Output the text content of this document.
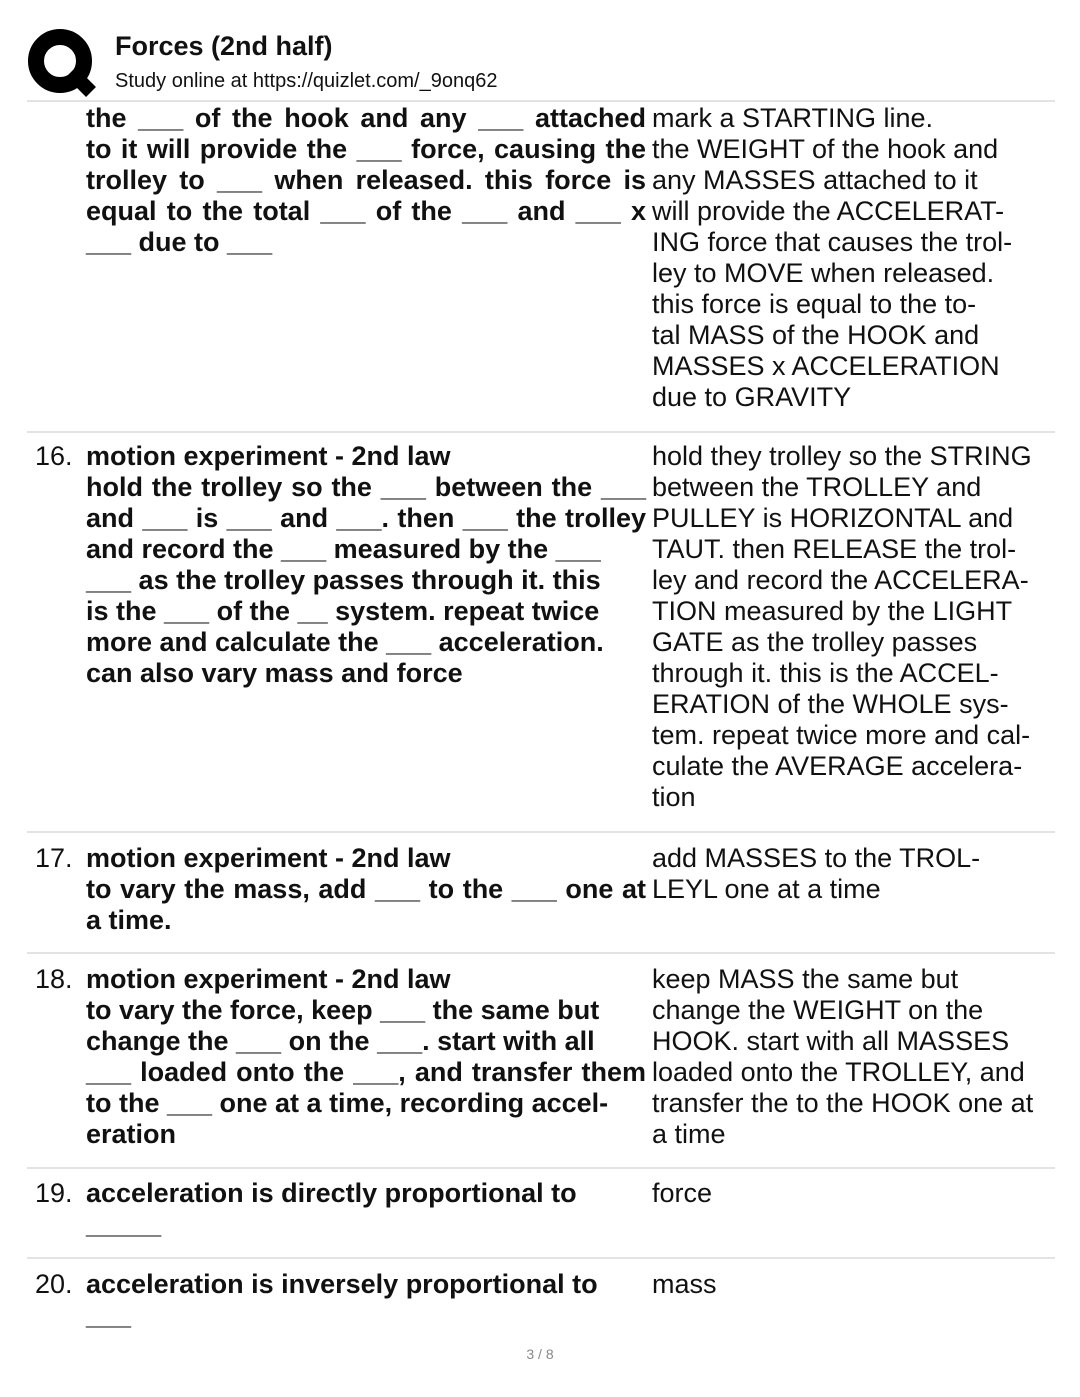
Forces (2nd half)
Study online at https://quizlet.com/_9onq62
the ___ of the hook and any ___ attached
to it will provide the ___ force, causing the
trolley to ___ when released. this force is
equal to the total ___ of the ___ and ___ x
___ due to ___
mark a STARTING line.
the WEIGHT of the hook and
any MASSES attached to it
will provide the ACCELERAT-
ING force that causes the trol-
ley to MOVE when released.
this force is equal to the to-
tal MASS of the HOOK and
MASSES x ACCELERATION
due to GRAVITY
16. motion experiment - 2nd law
hold the trolley so the ___ between the ___
and ___ is ___ and ___. then ___ the trolley
and record the ___ measured by the ___
___ as the trolley passes through it. this
is the ___ of the __ system. repeat twice
more and calculate the ___ acceleration.
can also vary mass and force
hold they trolley so the STRING
between the TROLLEY and
PULLEY is HORIZONTAL and
TAUT. then RELEASE the trol-
ley and record the ACCELERA-
TION measured by the LIGHT
GATE as the trolley passes
through it. this is the ACCEL-
ERATION of the WHOLE sys-
tem. repeat twice more and cal-
culate the AVERAGE accelera-
tion
17. motion experiment - 2nd law
to vary the mass, add ___ to the ___ one at
a time.
add MASSES to the TROL-
LEYL one at a time
18. motion experiment - 2nd law
to vary the force, keep ___ the same but
change the ___ on the ___. start with all
___ loaded onto the ___, and transfer them
to the ___ one at a time, recording accel-
eration
keep MASS the same but
change the WEIGHT on the
HOOK. start with all MASSES
loaded onto the TROLLEY, and
transfer the to the HOOK one at
a time
19. acceleration is directly proportional to
_____
force
20. acceleration is inversely proportional to
___
mass
3 / 8
